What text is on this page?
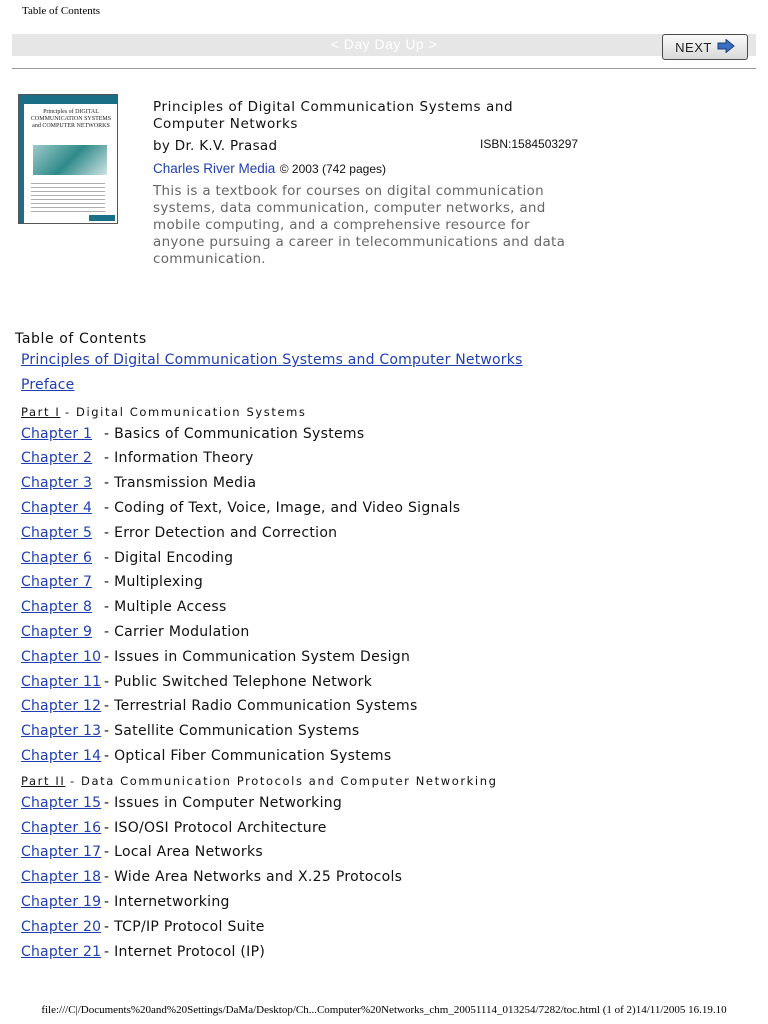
Table of Contents
< Day Day Up >	NEXT
Principles of DIGITAL COMMUNICATION SYSTEMS and COMPUTER NETWORKS
Principles of Digital Communication Systems and Computer Networks
by Dr. K.V. Prasad	ISBN:1584503297
Charles River Media © 2003 (742 pages)
This is a textbook for courses on digital communication systems, data communication, computer networks, and mobile computing, and a comprehensive resource for anyone pursuing a career in telecommunications and data communication.
Table of Contents
Principles of Digital Communication Systems and Computer Networks
Preface
Part I - Digital Communication Systems
Chapter 1 - Basics of Communication Systems
Chapter 2 - Information Theory
Chapter 3 - Transmission Media
Chapter 4 - Coding of Text, Voice, Image, and Video Signals
Chapter 5 - Error Detection and Correction
Chapter 6 - Digital Encoding
Chapter 7 - Multiplexing
Chapter 8 - Multiple Access
Chapter 9 - Carrier Modulation
Chapter 10 - Issues in Communication System Design
Chapter 11 - Public Switched Telephone Network
Chapter 12 - Terrestrial Radio Communication Systems
Chapter 13 - Satellite Communication Systems
Chapter 14 - Optical Fiber Communication Systems
Part II - Data Communication Protocols and Computer Networking
Chapter 15 - Issues in Computer Networking
Chapter 16 - ISO/OSI Protocol Architecture
Chapter 17 - Local Area Networks
Chapter 18 - Wide Area Networks and X.25 Protocols
Chapter 19 - Internetworking
Chapter 20 - TCP/IP Protocol Suite
Chapter 21 - Internet Protocol (IP)
file:///C|/Documents%20and%20Settings/DaMa/Desktop/Ch...Computer%20Networks_chm_20051114_013254/7282/toc.html (1 of 2)14/11/2005 16.19.10
